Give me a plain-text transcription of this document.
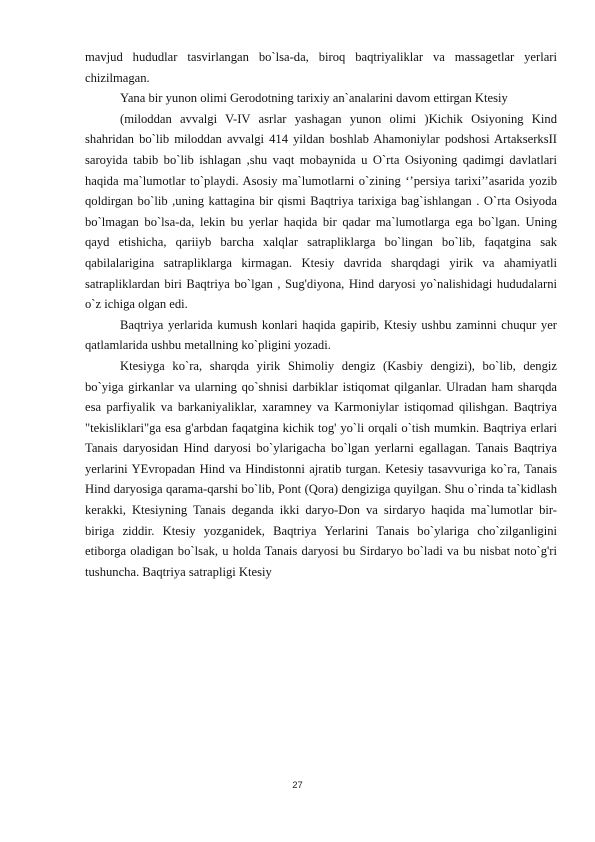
mavjud hududlar tasvirlangan bo`lsa-da, biroq baqtriyaliklar va massagetlar yerlari chizilmagan.

Yana bir yunon olimi Gerodotning tarixiy an`analarini davom ettirgan Ktesiy

(miloddan avvalgi V-IV asrlar yashagan yunon olimi )Kichik Osiyoning Kind shahridan bo`lib miloddan avvalgi 414 yildan boshlab Ahamoniylar podshosi ArtakserksII saroyida tabib bo`lib ishlagan ,shu vaqt mobaynida u O`rta Osiyoning qadimgi davlatlari haqida ma`lumotlar to`playdi. Asosiy ma`lumotlarni o`zining ‘’persiya tarixi’’asarida yozib qoldirgan bo`lib ,uning kattagina bir qismi Baqtriya tarixiga bag`ishlangan . O`rta Osiyoda bo`lmagan bo`lsa-da, lekin bu yerlar haqida bir qadar ma`lumotlarga ega bo`lgan. Uning qayd etishicha, qariiyb barcha xalqlar satrapliklarga bo`lingan bo`lib, faqatgina sak qabilalarigina satrapliklarga kirmagan. Ktesiy davrida sharqdagi yirik va ahamiyatli satrapliklardan biri Baqtriya bo`lgan , Sug'diyona, Hind daryosi yo`nalishidagi hududalarni o`z ichiga olgan edi.

Baqtriya yerlarida kumush konlari haqida gapirib, Ktesiy ushbu zaminni chuqur yer qatlamlarida ushbu metallning ko`pligini yozadi.

Ktesiyga ko`ra, sharqda yirik Shimoliy dengiz (Kasbiy dengizi), bo`lib, dengiz bo`yiga girkanlar va ularning qo`shnisi darbiklar istiqomat qilganlar. Ulradan ham sharqda esa parfiyalik va barkaniyaliklar, xaramney va Karmoniylar istiqomad qilishgan. Baqtriya "tekisliklari"ga esa g'arbdan faqatgina kichik tog' yo`li orqali o`tish mumkin. Baqtriya erlari Tanais daryosidan Hind daryosi bo`ylarigacha bo`lgan yerlarni egallagan. Tanais Baqtriya yerlarini YEvropadan Hind va Hindistonni ajratib turgan. Ketesiy tasavvuriga ko`ra, Tanais Hind daryosiga qarama-qarshi bo`lib, Pont (Qora) dengiziga quyilgan. Shu o`rinda ta`kidlash kerakki, Ktesiyning Tanais deganda ikki daryo-Don va sirdaryo haqida ma`lumotlar bir-biriga ziddir. Ktesiy yozganidek, Baqtriya Yerlarini Tanais bo`ylariga cho`zilganligini etiborga oladigan bo`lsak, u holda Tanais daryosi bu Sirdaryo bo`ladi va bu nisbat noto`g'ri tushuncha. Baqtriya satrapligi Ktesiy

27
